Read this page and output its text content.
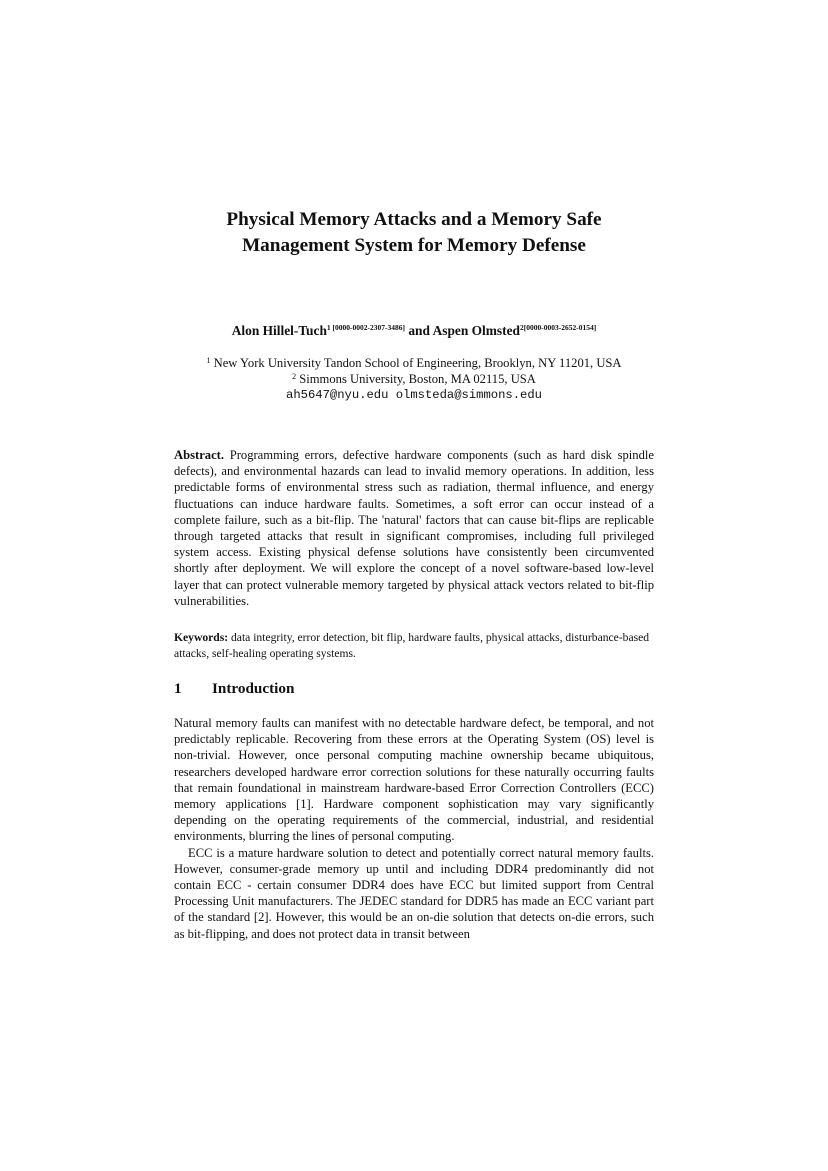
Physical Memory Attacks and a Memory Safe
Management System for Memory Defense
Alon Hillel-Tuch$^{1 [0000-0002-2307-3486]}$ and Aspen Olmsted$^{2[0000-0003-2652-0154]}$
$^1$ New York University Tandon School of Engineering, Brooklyn, NY 11201, USA
$^2$ Simmons University, Boston, MA 02115, USA
ah5647@nyu.edu olmsteda@simmons.edu
Abstract. Programming errors, defective hardware components (such as hard disk spindle defects), and environmental hazards can lead to invalid memory operations. In addition, less predictable forms of environmental stress such as radiation, thermal influence, and energy fluctuations can induce hardware faults. Sometimes, a soft error can occur instead of a complete failure, such as a bit-flip. The 'natural' factors that can cause bit-flips are replicable through targeted attacks that result in significant compromises, including full privileged system access. Existing physical defense solutions have consistently been circumvented shortly after deployment. We will explore the concept of a novel software-based low-level layer that can protect vulnerable memory targeted by physical attack vectors related to bit-flip vulnerabilities.
Keywords: data integrity, error detection, bit flip, hardware faults, physical attacks, disturbance-based attacks, self-healing operating systems.
1 Introduction

Natural memory faults can manifest with no detectable hardware defect, be temporal, and not predictably replicable. Recovering from these errors at the Operating System (OS) level is non-trivial. However, once personal computing machine ownership became ubiquitous, researchers developed hardware error correction solutions for these naturally occurring faults that remain foundational in mainstream hardware-based Error Correction Controllers (ECC) memory applications [1]. Hardware component sophistication may vary significantly depending on the operating requirements of the commercial, industrial, and residential environments, blurring the lines of personal computing.

ECC is a mature hardware solution to detect and potentially correct natural memory faults. However, consumer-grade memory up until and including DDR4 predominantly did not contain ECC - certain consumer DDR4 does have ECC but limited support from Central Processing Unit manufacturers. The JEDEC standard for DDR5 has made an ECC variant part of the standard [2]. However, this would be an on-die solution that detects on-die errors, such as bit-flipping, and does not protect data in transit between
